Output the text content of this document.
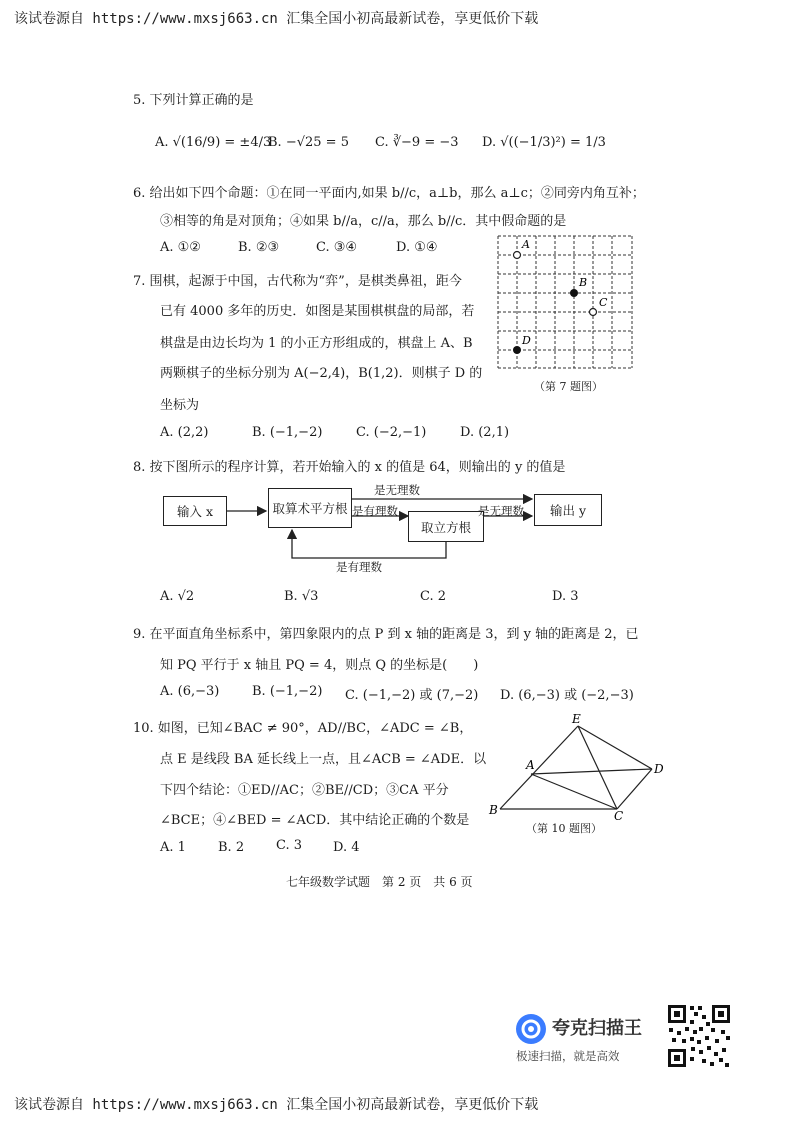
该试卷源自 https://www.mxsj663.cn 汇集全国小初高最新试卷，享更低价下载
5. 下列计算正确的是
A. √(16/9) = ±4/3
B. −√25 = 5 C. ∛−9 = −3 D. √((−1/3)²) = 1/3
6. 给出如下四个命题：①在同一平面内,如果 b//c，a⊥b，那么 a⊥c；②同旁内角互补；
③相等的角是对顶角；④如果 b//a，c//a，那么 b//c．其中假命题的是
A. ①②	B. ②③	C. ③④	D. ①④
7. 围棋，起源于中国，古代称为“弈”，是棋类鼻祖，距今
已有 4000 多年的历史．如图是某围棋棋盘的局部，若
棋盘是由边长均为 1 的小正方形组成的，棋盘上 A、B
两颗棋子的坐标分别为 A(−2,4)，B(1,2)．则棋子 D 的
坐标为
A. (2,2)	B. (−1,−2)	C. (−2,−1)	D. (2,1)
A
B
C
D
（第 7 题图）
8. 按下图所示的程序计算，若开始输入的 x 的值是 64，则输出的 y 的值是
输入 x	取算术平方根
取立方根
输出 y
是无理数
是有理数	是无理数
是有理数
A. √2	B. √3	C. 2	D. 3
9. 在平面直角坐标系中，第四象限内的点 P 到 x 轴的距离是 3，到 y 轴的距离是 2，已
知 PQ 平行于 x 轴且 PQ = 4，则点 Q 的坐标是(　　)
A. (6,−3)	B. (−1,−2) C. (−1,−2) 或 (7,−2) D. (6,−3) 或 (−2,−3)
10. 如图，已知∠BAC ≠ 90°，AD//BC，∠ADC = ∠B，
点 E 是线段 BA 延长线上一点，且∠ACB = ∠ADE．以
下四个结论：①ED//AC；②BE//CD；③CA 平分
∠BCE；④∠BED = ∠ACD．其中结论正确的个数是
A. 1 B. 2 C. 3 D. 4
E
A	D
B	C
（第 10 题图）
七年级数学试题　第 2 页　共 6 页
夸克扫描王
极速扫描，就是高效
该试卷源自 https://www.mxsj663.cn 汇集全国小初高最新试卷，享更低价下载
